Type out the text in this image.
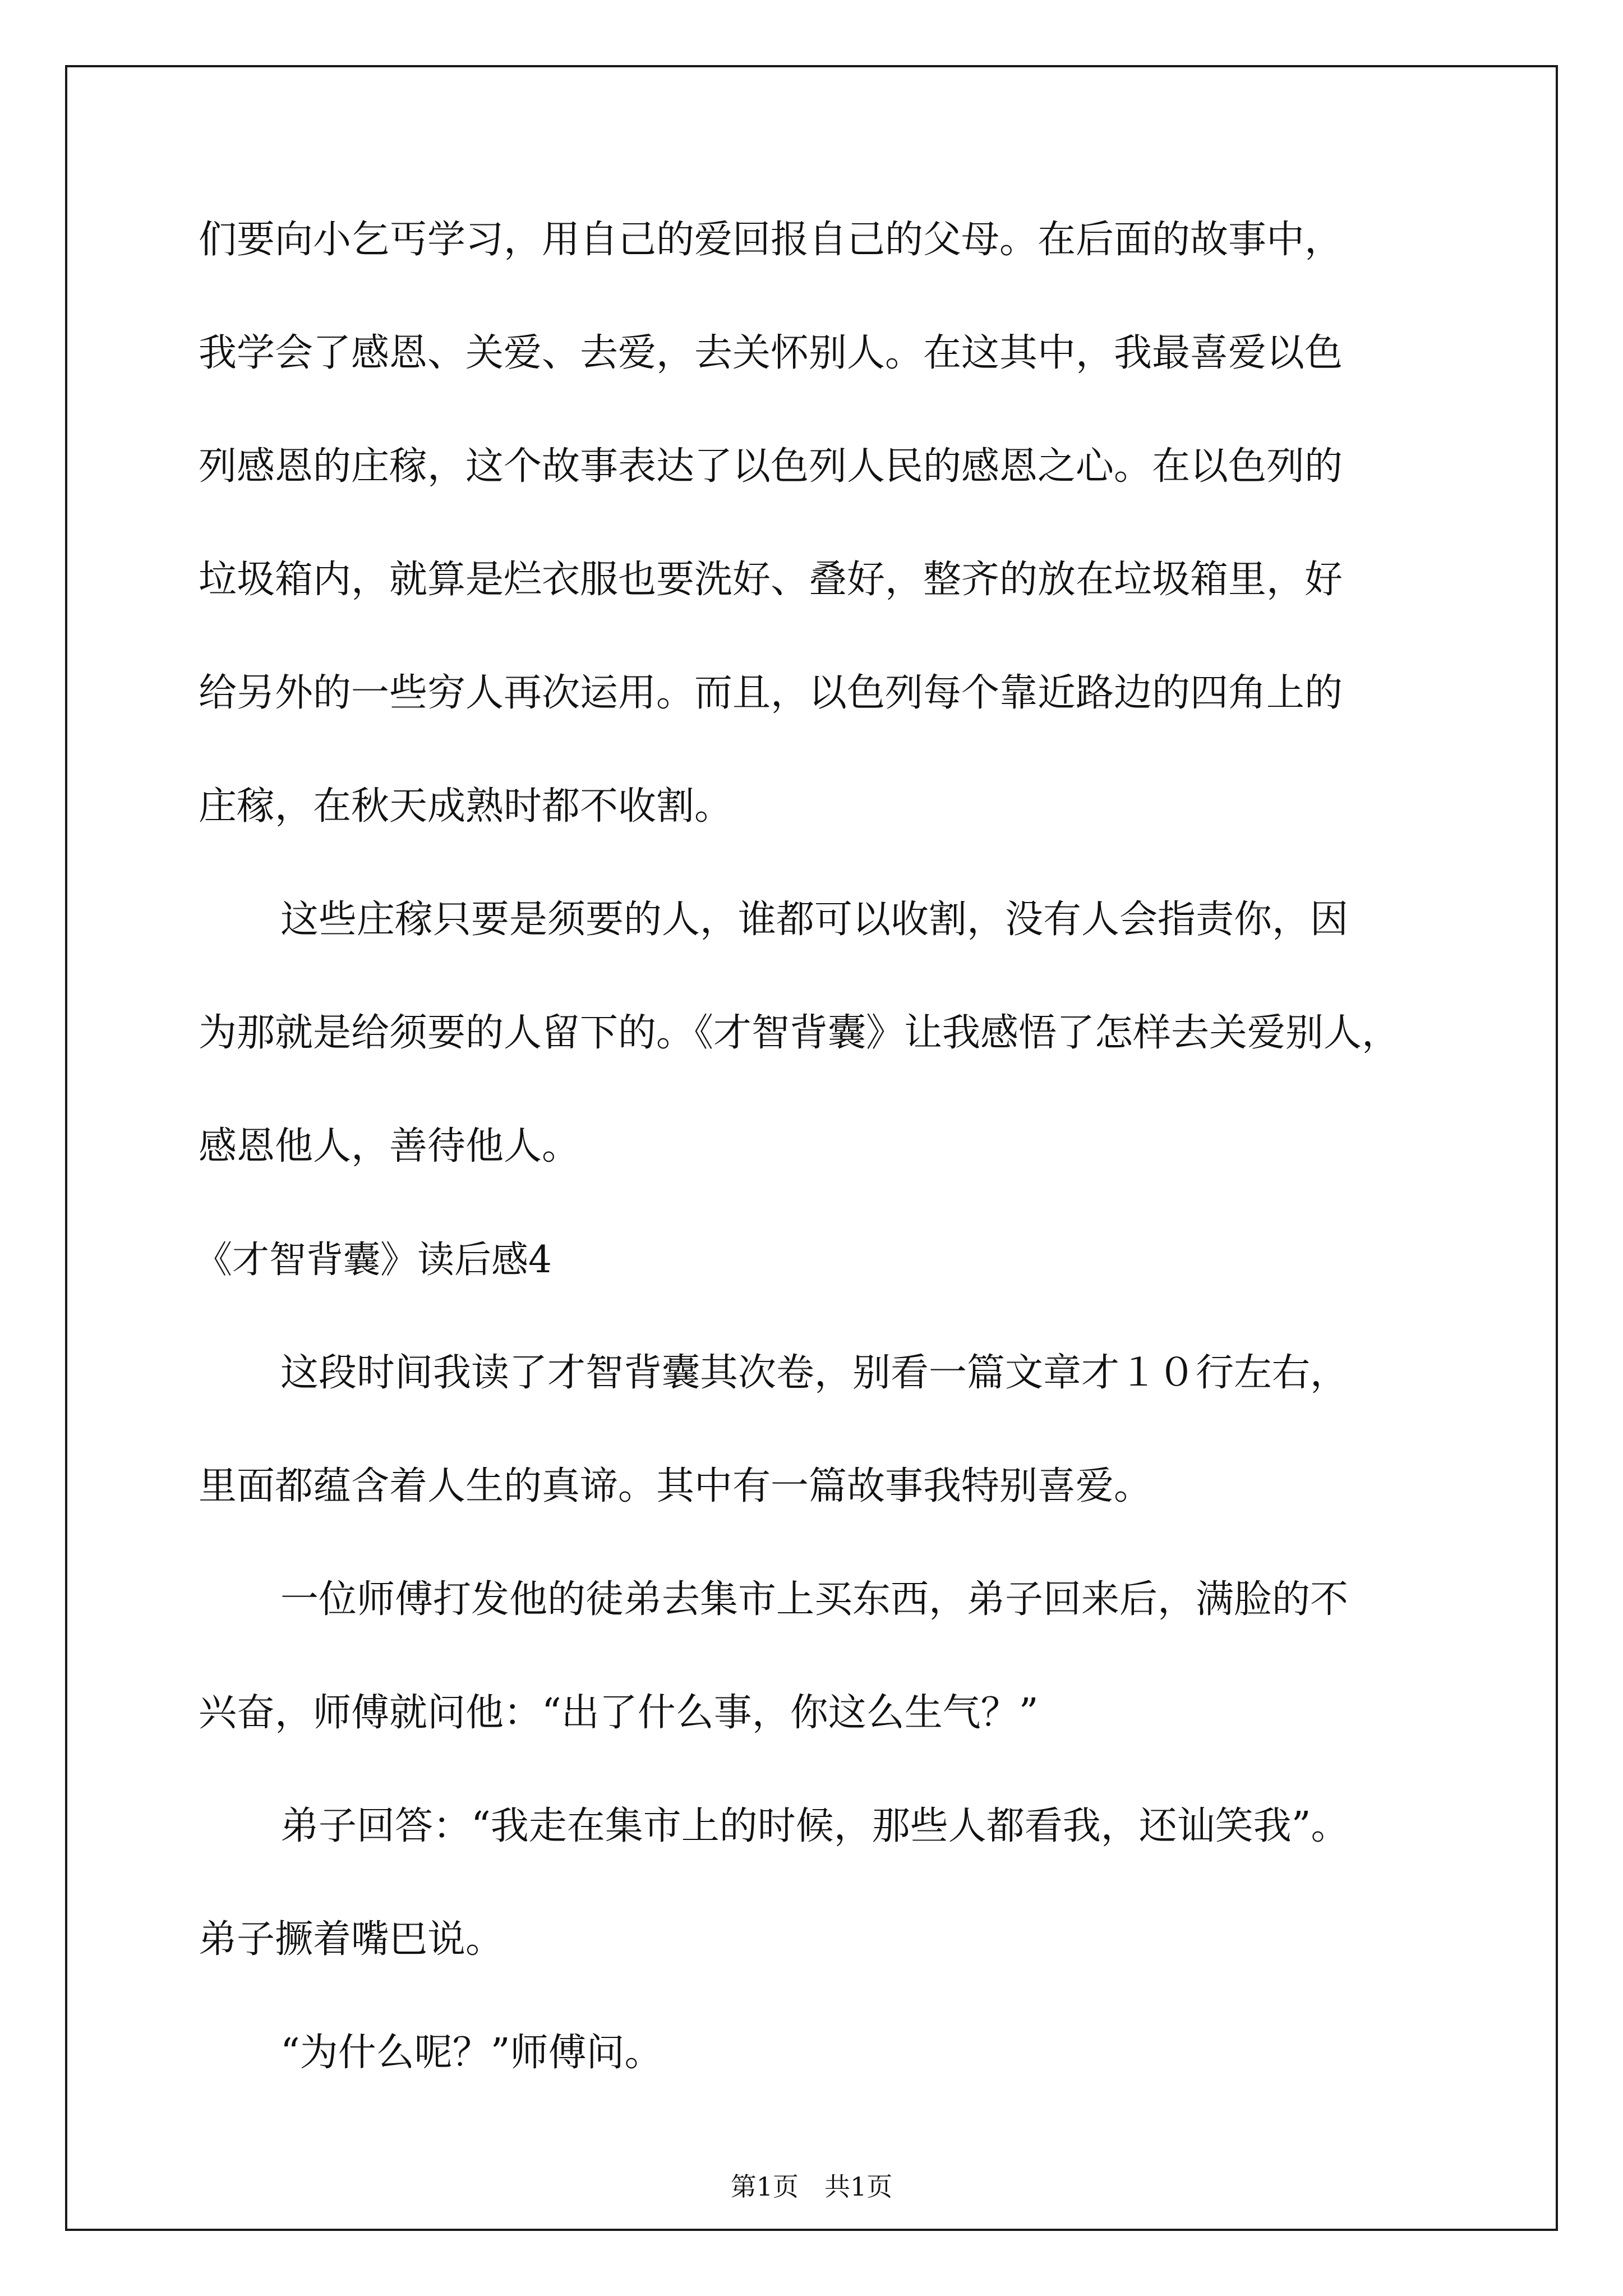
们要向小乞丐学习，用自己的爱回报自己的父母。在后面的故事中，
我学会了感恩、关爱、去爱，去关怀别人。在这其中，我最喜爱以色
列感恩的庄稼，这个故事表达了以色列人民的感恩之心。在以色列的
垃圾箱内，就算是烂衣服也要洗好、叠好，整齐的放在垃圾箱里，好
给另外的一些穷人再次运用。而且，以色列每个靠近路边的四角上的
庄稼，在秋天成熟时都不收割。
这些庄稼只要是须要的人，谁都可以收割，没有人会指责你，因
为那就是给须要的人留下的。《才智背囊》让我感悟了怎样去关爱别人，
感恩他人，善待他人。
《才智背囊》读后感4
这段时间我读了才智背囊其次卷，别看一篇文章才１０行左右，
里面都蕴含着人生的真谛。其中有一篇故事我特别喜爱。
一位师傅打发他的徒弟去集市上买东西，弟子回来后，满脸的不
兴奋，师傅就问他：“出了什么事，你这么生气？”
弟子回答：“我走在集市上的时候，那些人都看我，还讪笑我”。
弟子撅着嘴巴说。
“为什么呢？”师傅问。
第1页　共1页
